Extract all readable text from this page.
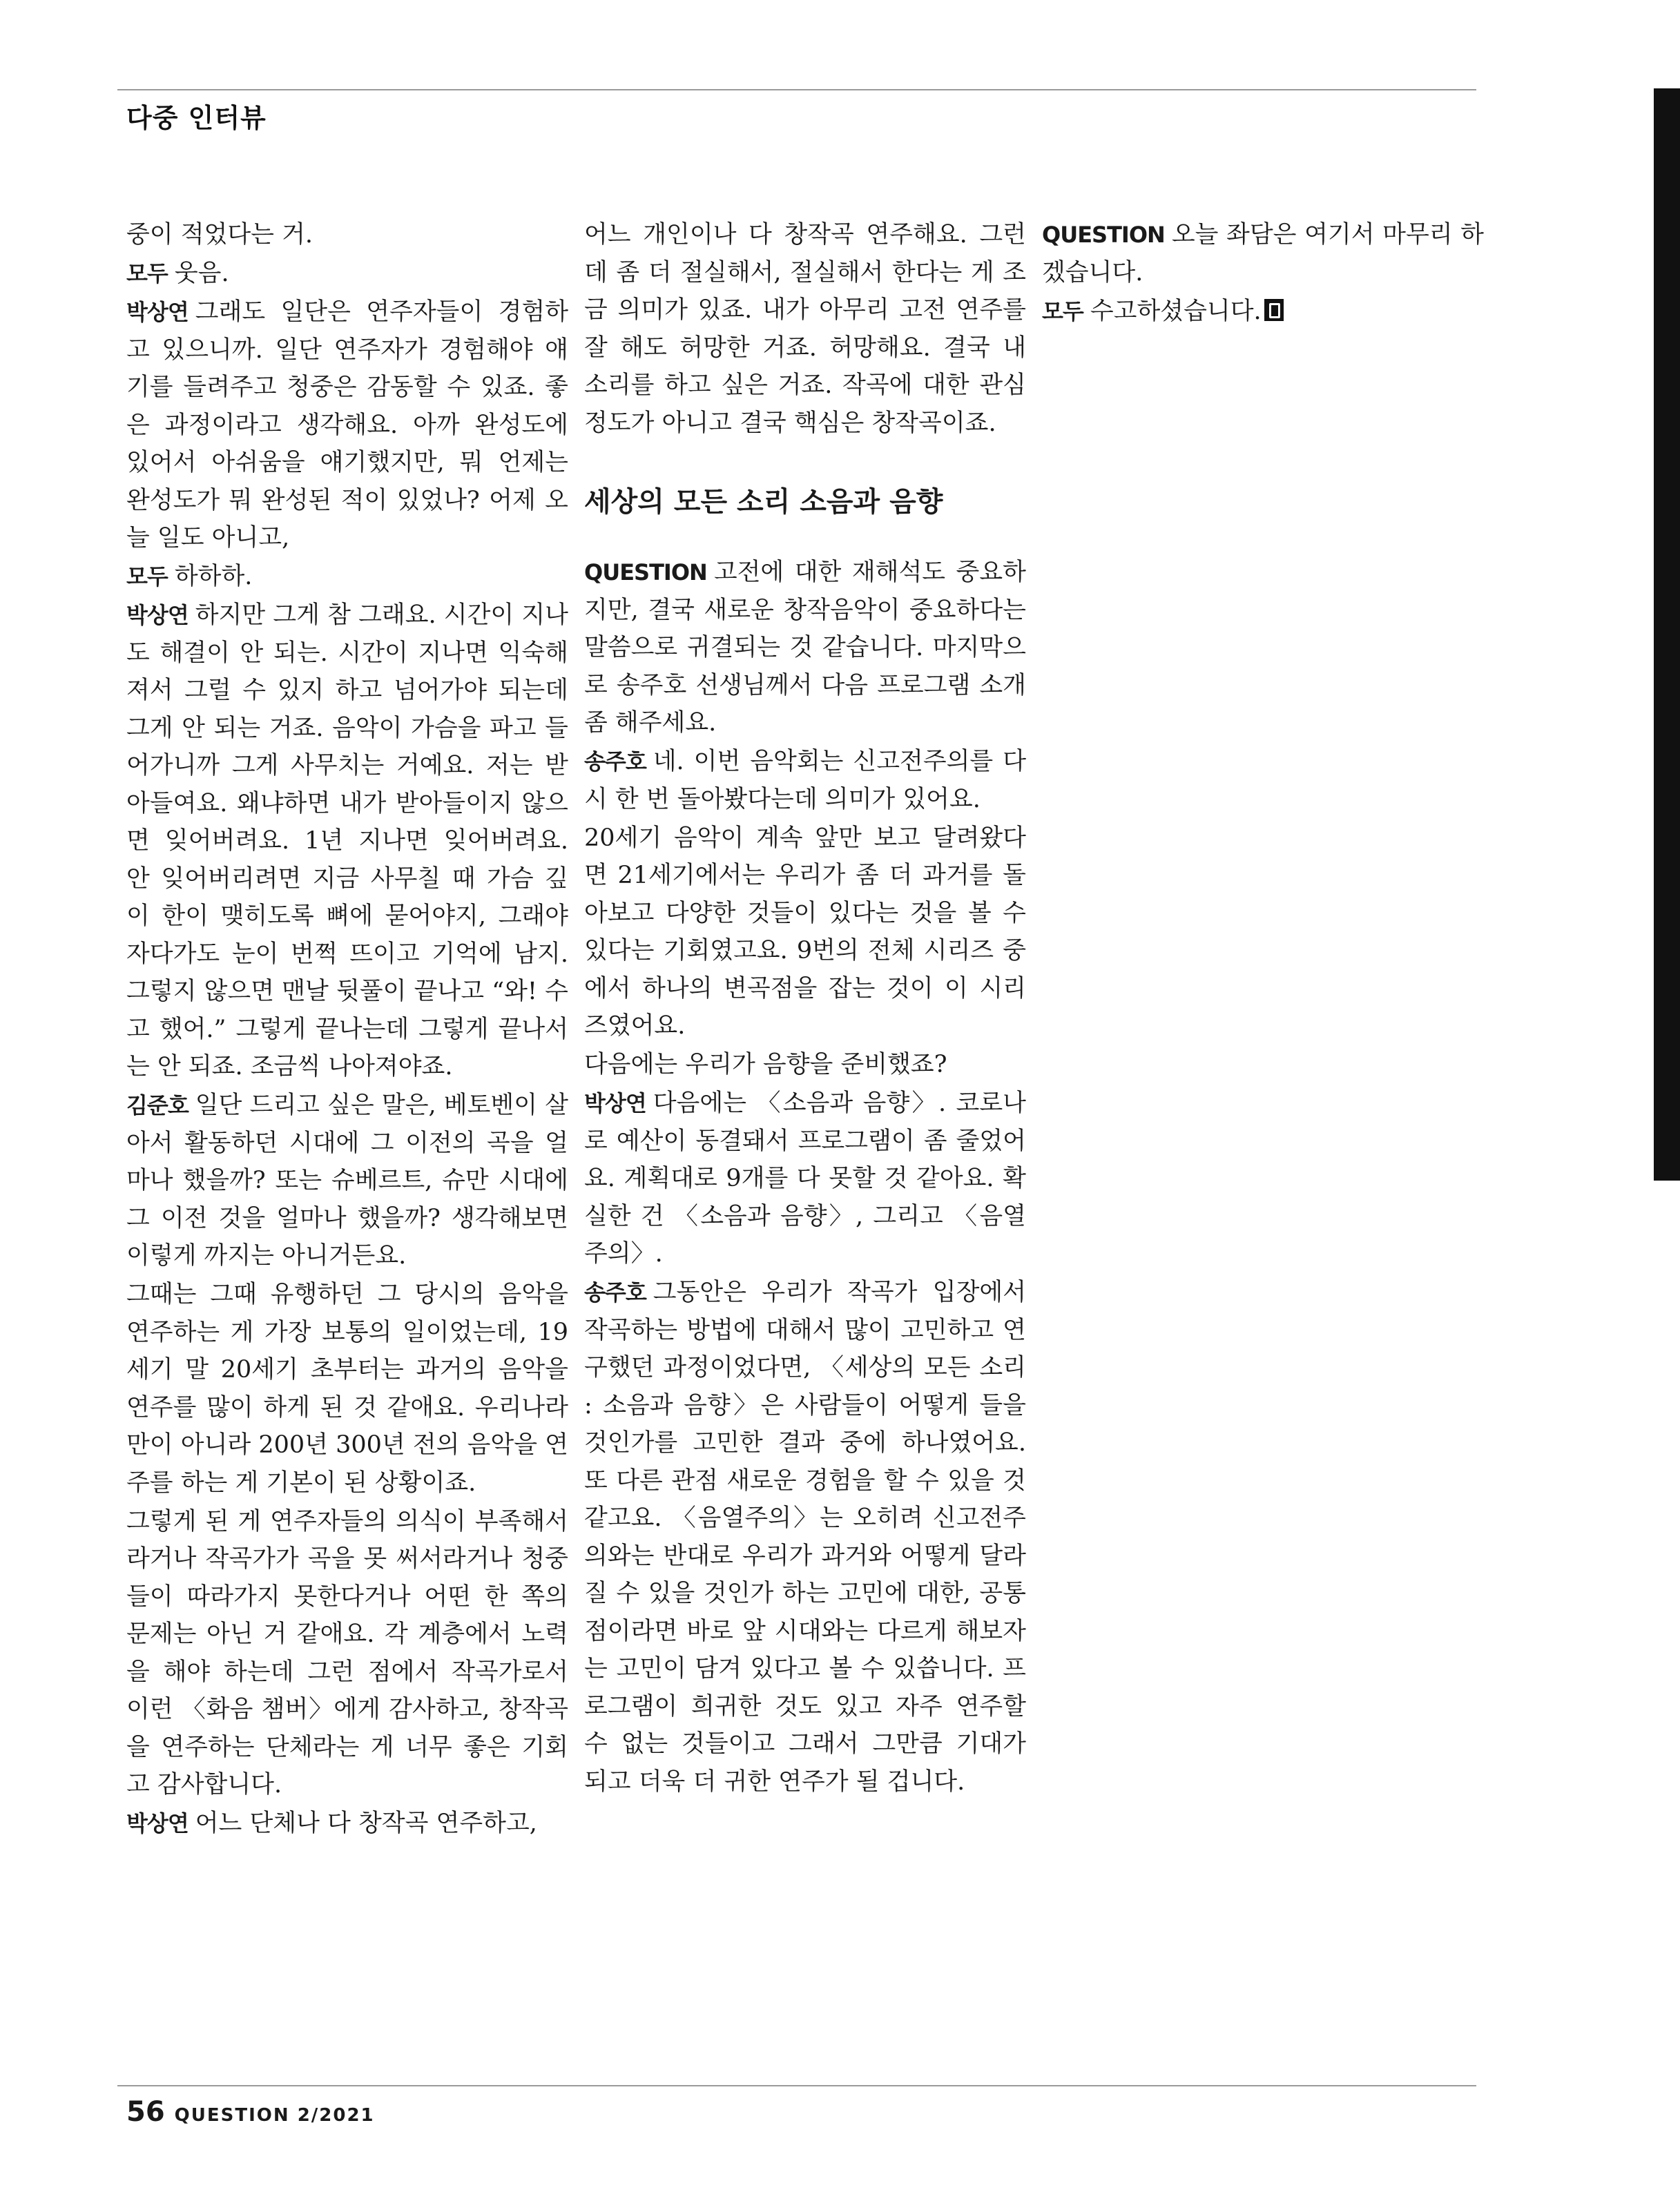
다중 인터뷰

중이 적었다는 거.

모두 웃음.

박상연 그래도 일단은 연주자들이 경험하고 있으니까. 일단 연주자가 경험해야 얘기를 들려주고 청중은 감동할 수 있죠. 좋은 과정이라고 생각해요. 아까 완성도에 있어서 아쉬움을 얘기했지만, 뭐 언제는 완성도가 뭐 완성된 적이 있었나? 어제 오늘 일도 아니고,

모두 하하하.

박상연 하지만 그게 참 그래요. 시간이 지나도 해결이 안 되는. 시간이 지나면 익숙해져서 그럴 수 있지 하고 넘어가야 되는데 그게 안 되는 거죠. 음악이 가슴을 파고 들어가니까 그게 사무치는 거예요. 저는 받아들여요. 왜냐하면 내가 받아들이지 않으면 잊어버려요. 1년 지나면 잊어버려요. 안 잊어버리려면 지금 사무칠 때 가슴 깊이 한이 맺히도록 뼈에 묻어야지, 그래야 자다가도 눈이 번쩍 뜨이고 기억에 남지. 그렇지 않으면 맨날 뒷풀이 끝나고 “와! 수고 했어.” 그렇게 끝나는데 그렇게 끝나서는 안 되죠. 조금씩 나아져야죠.

김준호 일단 드리고 싶은 말은, 베토벤이 살아서 활동하던 시대에 그 이전의 곡을 얼마나 했을까? 또는 슈베르트, 슈만 시대에 그 이전 것을 얼마나 했을까? 생각해보면 이렇게 까지는 아니거든요.

그때는 그때 유행하던 그 당시의 음악을 연주하는 게 가장 보통의 일이었는데, 19세기 말 20세기 초부터는 과거의 음악을 연주를 많이 하게 된 것 같애요. 우리나라만이 아니라 200년 300년 전의 음악을 연주를 하는 게 기본이 된 상황이죠.

그렇게 된 게 연주자들의 의식이 부족해서라거나 작곡가가 곡을 못 써서라거나 청중들이 따라가지 못한다거나 어떤 한 쪽의 문제는 아닌 거 같애요. 각 계층에서 노력을 해야 하는데 그런 점에서 작곡가로서 이런 〈화음 챔버〉에게 감사하고, 창작곡을 연주하는 단체라는 게 너무 좋은 기회고 감사합니다.

박상연 어느 단체나 다 창작곡 연주하고,

어느 개인이나 다 창작곡 연주해요. 그런데 좀 더 절실해서, 절실해서 한다는 게 조금 의미가 있죠. 내가 아무리 고전 연주를 잘 해도 허망한 거죠. 허망해요. 결국 내 소리를 하고 싶은 거죠. 작곡에 대한 관심 정도가 아니고 결국 핵심은 창작곡이죠.

세상의 모든 소리 소음과 음향

QUESTION 고전에 대한 재해석도 중요하지만, 결국 새로운 창작음악이 중요하다는 말씀으로 귀결되는 것 같습니다. 마지막으로 송주호 선생님께서 다음 프로그램 소개 좀 해주세요.

송주호 네. 이번 음악회는 신고전주의를 다시 한 번 돌아봤다는데 의미가 있어요.

20세기 음악이 계속 앞만 보고 달려왔다면 21세기에서는 우리가 좀 더 과거를 돌아보고 다양한 것들이 있다는 것을 볼 수 있다는 기회였고요. 9번의 전체 시리즈 중에서 하나의 변곡점을 잡는 것이 이 시리즈였어요.

다음에는 우리가 음향을 준비했죠?

박상연 다음에는 〈소음과 음향〉. 코로나로 예산이 동결돼서 프로그램이 좀 줄었어요. 계획대로 9개를 다 못할 것 같아요. 확실한 건 〈소음과 음향〉, 그리고 〈음열주의〉.

송주호 그동안은 우리가 작곡가 입장에서 작곡하는 방법에 대해서 많이 고민하고 연구했던 과정이었다면, 〈세상의 모든 소리 : 소음과 음향〉은 사람들이 어떻게 들을 것인가를 고민한 결과 중에 하나였어요. 또 다른 관점 새로운 경험을 할 수 있을 것 같고요. 〈음열주의〉는 오히려 신고전주의와는 반대로 우리가 과거와 어떻게 달라질 수 있을 것인가 하는 고민에 대한, 공통점이라면 바로 앞 시대와는 다르게 해보자는 고민이 담겨 있다고 볼 수 있씁니다. 프로그램이 희귀한 것도 있고 자주 연주할 수 없는 것들이고 그래서 그만큼 기대가 되고 더욱 더 귀한 연주가 될 겁니다.

QUESTION 오늘 좌담은 여기서 마무리 하겠습니다.

모두 수고하셨습니다.

56 QUESTION 2/2021
